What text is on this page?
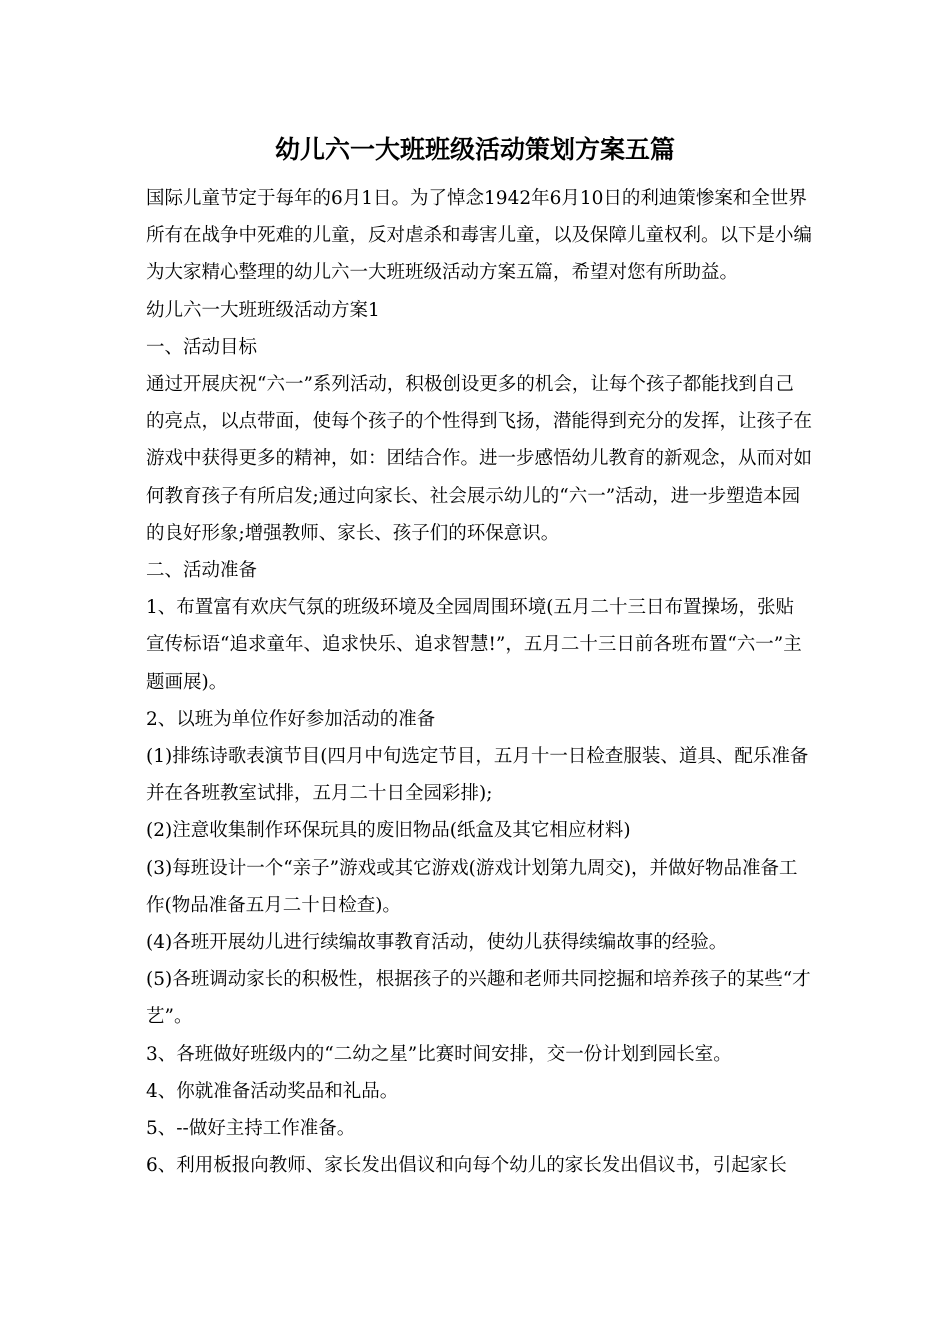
幼儿六一大班班级活动策划方案五篇

国际儿童节定于每年的6月1日。为了悼念1942年6月10日的利迪策惨案和全世界所有在战争中死难的儿童，反对虐杀和毒害儿童，以及保障儿童权利。以下是小编为大家精心整理的幼儿六一大班班级活动方案五篇，希望对您有所助益。

幼儿六一大班班级活动方案1

一、活动目标

通过开展庆祝“六一”系列活动，积极创设更多的机会，让每个孩子都能找到自己的亮点，以点带面，使每个孩子的个性得到飞扬，潜能得到充分的发挥，让孩子在游戏中获得更多的精神，如：团结合作。进一步感悟幼儿教育的新观念，从而对如何教育孩子有所启发;通过向家长、社会展示幼儿的“六一”活动，进一步塑造本园的良好形象;增强教师、家长、孩子们的环保意识。

二、活动准备

1、布置富有欢庆气氛的班级环境及全园周围环境(五月二十三日布置操场，张贴宣传标语“追求童年、追求快乐、追求智慧!”，五月二十三日前各班布置“六一”主题画展)。

2、以班为单位作好参加活动的准备

(1)排练诗歌表演节目(四月中旬选定节目，五月十一日检查服装、道具、配乐准备并在各班教室试排，五月二十日全园彩排);

(2)注意收集制作环保玩具的废旧物品(纸盒及其它相应材料)

(3)每班设计一个“亲子”游戏或其它游戏(游戏计划第九周交)，并做好物品准备工作(物品准备五月二十日检查)。

(4)各班开展幼儿进行续编故事教育活动，使幼儿获得续编故事的经验。

(5)各班调动家长的积极性，根据孩子的兴趣和老师共同挖掘和培养孩子的某些“才艺”。

3、各班做好班级内的“二幼之星”比赛时间安排，交一份计划到园长室。

4、你就准备活动奖品和礼品。

5、--做好主持工作准备。

6、利用板报向教师、家长发出倡议和向每个幼儿的家长发出倡议书，引起家长
